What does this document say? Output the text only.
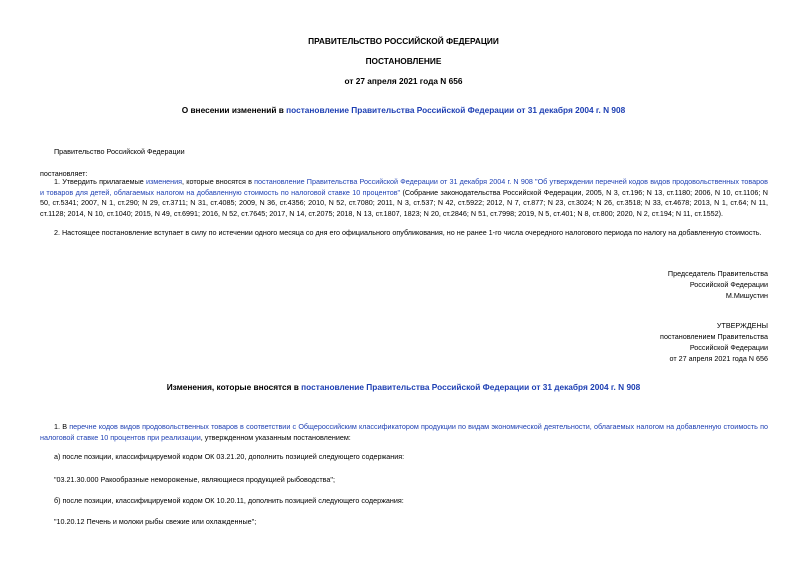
ПРАВИТЕЛЬСТВО РОССИЙСКОЙ ФЕДЕРАЦИИ
ПОСТАНОВЛЕНИЕ
от 27 апреля 2021 года N 656
О внесении изменений в постановление Правительства Российской Федерации от 31 декабря 2004 г. N 908
Правительство Российской Федерации
постановляет:
1. Утвердить прилагаемые изменения, которые вносятся в постановление Правительства Российской Федерации от 31 декабря 2004 г. N 908 "Об утверждении перечней кодов видов продовольственных товаров и товаров для детей, облагаемых налогом на добавленную стоимость по налоговой ставке 10 процентов" (Собрание законодательства Российской Федерации, 2005, N 3, ст.196; N 13, ст.1180; 2006, N 10, ст.1106; N 50, ст.5341; 2007, N 1, ст.290; N 29, ст.3711; N 31, ст.4085; 2009, N 36, ст.4356; 2010, N 52, ст.7080; 2011, N 3, ст.537; N 42, ст.5922; 2012, N 7, ст.877; N 23, ст.3024; N 26, ст.3518; N 33, ст.4678; 2013, N 1, ст.64; N 11, ст.1128; 2014, N 10, ст.1040; 2015, N 49, ст.6991; 2016, N 52, ст.7645; 2017, N 14, ст.2075; 2018, N 13, ст.1807, 1823; N 20, ст.2846; N 51, ст.7998; 2019, N 5, ст.401; N 8, ст.800; 2020, N 2, ст.194; N 11, ст.1552).
2. Настоящее постановление вступает в силу по истечении одного месяца со дня его официального опубликования, но не ранее 1-го числа очередного налогового периода по налогу на добавленную стоимость.
Председатель Правительства
Российской Федерации
М.Мишустин
УТВЕРЖДЕНЫ
постановлением Правительства
Российской Федерации
от 27 апреля 2021 года N 656
Изменения, которые вносятся в постановление Правительства Российской Федерации от 31 декабря 2004 г. N 908
1. В перечне кодов видов продовольственных товаров в соответствии с Общероссийским классификатором продукции по видам экономической деятельности, облагаемых налогом на добавленную стоимость по налоговой ставке 10 процентов при реализации, утвержденном указанным постановлением:
а) после позиции, классифицируемой кодом ОК 03.21.20, дополнить позицией следующего содержания:
"03.21.30.000 Ракообразные немороженые, являющиеся продукцией рыбоводства";
б) после позиции, классифицируемой кодом ОК 10.20.11, дополнить позицией следующего содержания:
"10.20.12 Печень и молоки рыбы свежие или охлажденные";
